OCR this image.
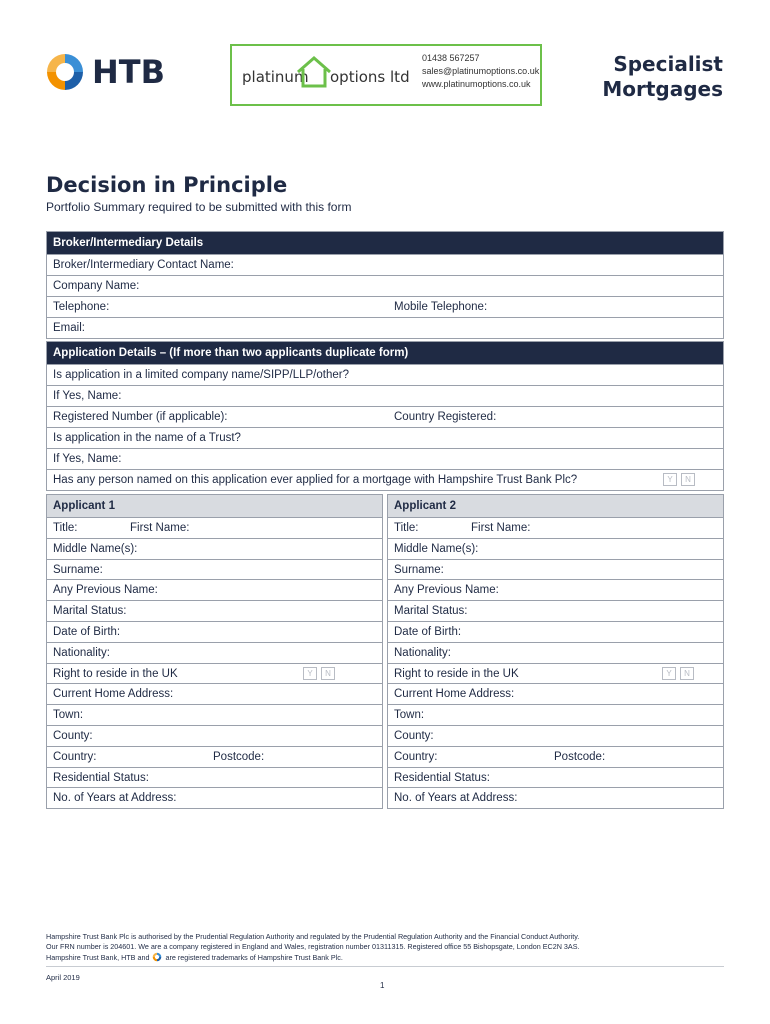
HTB	platinum options ltd
01438 567257
sales@platinumoptions.co.uk
www.platinumoptions.co.uk
Specialist
Mortgages
Decision in Principle
Portfolio Summary required to be submitted with this form
Broker/Intermediary Details
Broker/Intermediary Contact Name:
Company Name:
Telephone:	Mobile Telephone:
Email:
Application Details – (If more than two applicants duplicate form)
Is application in a limited company name/SIPP/LLP/other?
If Yes, Name:
Registered Number (if applicable):	Country Registered:
Is application in the name of a Trust?
If Yes, Name:
Has any person named on this application ever applied for a mortgage with Hampshire Trust Bank Plc?	Y	N
Applicant 1
Title:	First Name:
Middle Name(s):
Surname:
Any Previous Name:
Marital Status:
Date of Birth:
Nationality:
Right to reside in the UK	Y	N
Current Home Address:
Town:
County:
Country:	Postcode:
Residential Status:
No. of Years at Address:
Applicant 2
Title:	First Name:
Middle Name(s):
Surname:
Any Previous Name:
Marital Status:
Date of Birth:
Nationality:
Right to reside in the UK	Y	N
Current Home Address:
Town:
County:
Country:	Postcode:
Residential Status:
No. of Years at Address:
Hampshire Trust Bank Plc is authorised by the Prudential Regulation Authority and regulated by the Prudential Regulation Authority and the Financial Conduct Authority.
Our FRN number is 204601. We are a company registered in England and Wales, registration number 01311315. Registered office 55 Bishopsgate, London EC2N 3AS.
Hampshire Trust Bank, HTB and are registered trademarks of Hampshire Trust Bank Plc.
April 2019
1
